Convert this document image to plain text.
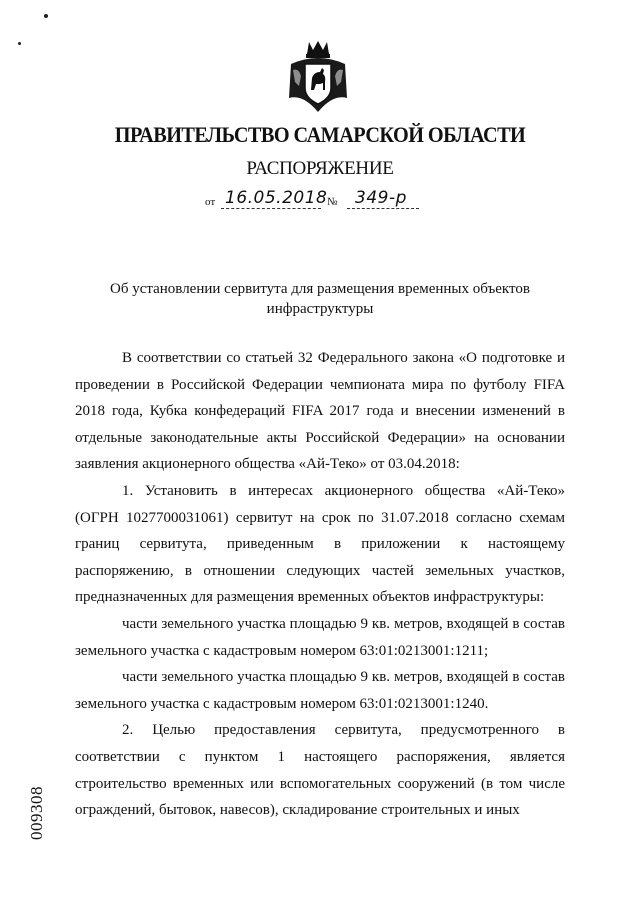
ПРАВИТЕЛЬСТВО САМАРСКОЙ ОБЛАСТИ
РАСПОРЯЖЕНИЕ
от 16.05.2018 № 349-р
Об установлении сервитута для размещения временных объектов инфраструктуры

В соответствии со статьей 32 Федерального закона «О подготовке и проведении в Российской Федерации чемпионата мира по футболу FIFA 2018 года, Кубка конфедераций FIFA 2017 года и внесении изменений в отдельные законодательные акты Российской Федерации» на основании заявления акционерного общества «Ай-Теко» от 03.04.2018:

1. Установить в интересах акционерного общества «Ай-Теко» (ОГРН 1027700031061) сервитут на срок по 31.07.2018 согласно схемам границ сервитута, приведенным в приложении к настоящему распоряжению, в отношении следующих частей земельных участков, предназначенных для размещения временных объектов инфраструктуры:

части земельного участка площадью 9 кв. метров, входящей в состав земельного участка с кадастровым номером 63:01:0213001:1211;

части земельного участка площадью 9 кв. метров, входящей в состав земельного участка с кадастровым номером 63:01:0213001:1240.

2. Целью предоставления сервитута, предусмотренного в соответствии с пунктом 1 настоящего распоряжения, является строительство временных или вспомогательных сооружений (в том числе ограждений, бытовок, навесов), складирование строительных и иных

009308
